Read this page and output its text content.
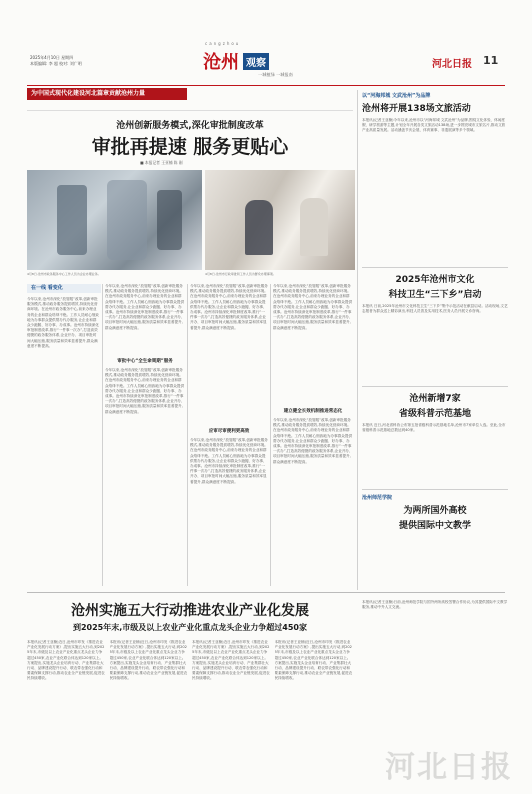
2025年4月10日 星期四
本版编辑: 李 超 校对: 刘广明
cangzhou
沧州 观察
一城植绿 一城报南
河北日报 11
为中国式现代化建设河北篇章贡献沧州力量
沧州创新服务模式,深化审批制度改革
审批再提速 服务更贴心
■ 本报记者 王亚楠 陈 刚
4月8日,沧州市政务服务中心工作人员为企业办理业务。	4月8日,沧州市行政审批局工作人员为群众办理事项。
在一线 看变化
今年以来,沧州市深化“放管服”改革,创新审批服务模式,推动政务服务提质增效,持续优化营商环境。在沧州市政务服务中心,前来办理业务的企业和群众络绎不绝。工作人员耐心细致地为办事群众提供帮办代办服务,让企业和群众少跑腿、好办事、办成事。沧州市持续深化审批制度改革,推行“一件事一次办”,打造高效便捷的政务服务体系,企业开办、项目审批时间大幅压缩,服务质量和效率显著提升,群众满意度不断提高。
今年以来,沧州市深化“放管服”改革,创新审批服务模式,推动政务服务提质增效,持续优化营商环境。在沧州市政务服务中心,前来办理业务的企业和群众络绎不绝。工作人员耐心细致地为办事群众提供帮办代办服务,让企业和群众少跑腿、好办事、办成事。沧州市持续深化审批制度改革,推行“一件事一次办”,打造高效便捷的政务服务体系,企业开办、项目审批时间大幅压缩,服务质量和效率显著提升,群众满意度不断提高。
审批中心“全生命周期”服务
今年以来,沧州市深化“放管服”改革,创新审批服务模式,推动政务服务提质增效,持续优化营商环境。在沧州市政务服务中心,前来办理业务的企业和群众络绎不绝。工作人员耐心细致地为办事群众提供帮办代办服务,让企业和群众少跑腿、好办事、办成事。沧州市持续深化审批制度改革,推行“一件事一次办”,打造高效便捷的政务服务体系,企业开办、项目审批时间大幅压缩,服务质量和效率显著提升,群众满意度不断提高。
今年以来,沧州市深化“放管服”改革,创新审批服务模式,推动政务服务提质增效,持续优化营商环境。在沧州市政务服务中心,前来办理业务的企业和群众络绎不绝。工作人员耐心细致地为办事群众提供帮办代办服务,让企业和群众少跑腿、好办事、办成事。沧州市持续深化审批制度改革,推行“一件事一次办”,打造高效便捷的政务服务体系,企业开办、项目审批时间大幅压缩,服务质量和效率显著提升,群众满意度不断提高。
应审尽审便利更高效
今年以来,沧州市深化“放管服”改革,创新审批服务模式,推动政务服务提质增效,持续优化营商环境。在沧州市政务服务中心,前来办理业务的企业和群众络绎不绝。工作人员耐心细致地为办事群众提供帮办代办服务,让企业和群众少跑腿、好办事、办成事。沧州市持续深化审批制度改革,推行“一件事一次办”,打造高效便捷的政务服务体系,企业开办、项目审批时间大幅压缩,服务质量和效率显著提升,群众满意度不断提高。
今年以来,沧州市深化“放管服”改革,创新审批服务模式,推动政务服务提质增效,持续优化营商环境。在沧州市政务服务中心,前来办理业务的企业和群众络绎不绝。工作人员耐心细致地为办事群众提供帮办代办服务,让企业和群众少跑腿、好办事、办成事。沧州市持续深化审批制度改革,推行“一件事一次办”,打造高效便捷的政务服务体系,企业开办、项目审批时间大幅压缩,服务质量和效率显著提升,群众满意度不断提高。
建立健全长效机制推进常态化
今年以来,沧州市深化“放管服”改革,创新审批服务模式,推动政务服务提质增效,持续优化营商环境。在沧州市政务服务中心,前来办理业务的企业和群众络绎不绝。工作人员耐心细致地为办事群众提供帮办代办服务,让企业和群众少跑腿、好办事、办成事。沧州市持续深化审批制度改革,推行“一件事一次办”,打造高效便捷的政务服务体系,企业开办、项目审批时间大幅压缩,服务质量和效率显著提升,群众满意度不断提高。
以“河海邦城 文武沧州”为品牌
沧州将开展138场文旅活动
本报讯(记者王亚楠)今年以来,沧州市以“河海邦城 文武沧州”为品牌,围绕文化体验、休闲度假、研学旅游等主题,计划全年开展各类文旅活动138场,进一步擦亮城市文旅名片,推动文旅产业高质量发展。活动涵盖节庆会展、体育赛事、非遗展演等多个领域。
2025年沧州市文化
科技卫生“三下乡”启动
本报讯 日前,2025年沧州市文化科技卫生“三下乡”集中示范活动在献县启动。活动现场,文艺志愿者为群众送上精彩演出,科技人员普及实用技术,医务人员开展义诊咨询。
沧州新增7家
省级科普示范基地
本报讯 近日,河北省科协公布第五批省级科普示范基地名单,沧州市7家单位入选。至此,全市省级科普示范基地总数达到40家。
沧州师范学院
为两所国外高校
提供国际中文教学
沧州实施五大行动推进农业产业化发展
到2025年末,市级及以上农业产业化重点龙头企业力争超过450家
本报讯(记者王亚楠)近日,沧州市印发《推进农业产业化发展行动方案》,提出实施五大行动,到2025年末,市级及以上农业产业化重点龙头企业力争超过450家,农业产业化联合体达到120家以上。方案提出,实施龙头企业培育行动、产业集群壮大行动、品牌建设提升行动、联农带农强化行动和要素保障支撑行动,推动农业全产业链发展,促进农民持续增收。
本报讯(记者王亚楠)近日,沧州市印发《推进农业产业化发展行动方案》,提出实施五大行动,到2025年末,市级及以上农业产业化重点龙头企业力争超过450家,农业产业化联合体达到120家以上。方案提出,实施龙头企业培育行动、产业集群壮大行动、品牌建设提升行动、联农带农强化行动和要素保障支撑行动,推动农业全产业链发展,促进农民持续增收。
本报讯(记者王亚楠)近日,沧州市印发《推进农业产业化发展行动方案》,提出实施五大行动,到2025年末,市级及以上农业产业化重点龙头企业力争超过450家,农业产业化联合体达到120家以上。方案提出,实施龙头企业培育行动、产业集群壮大行动、品牌建设提升行动、联农带农强化行动和要素保障支撑行动,推动农业全产业链发展,促进农民持续增收。
本报讯(记者王亚楠)近日,沧州市印发《推进农业产业化发展行动方案》,提出实施五大行动,到2025年末,市级及以上农业产业化重点龙头企业力争超过450家,农业产业化联合体达到120家以上。方案提出,实施龙头企业培育行动、产业集群壮大行动、品牌建设提升行动、联农带农强化行动和要素保障支撑行动,推动农业全产业链发展,促进农民持续增收。
本报讯(记者王亚楠)日前,沧州师范学院与国外两所高校签署合作协议,为其提供国际中文教学服务,推动中外人文交流。
河北日报
